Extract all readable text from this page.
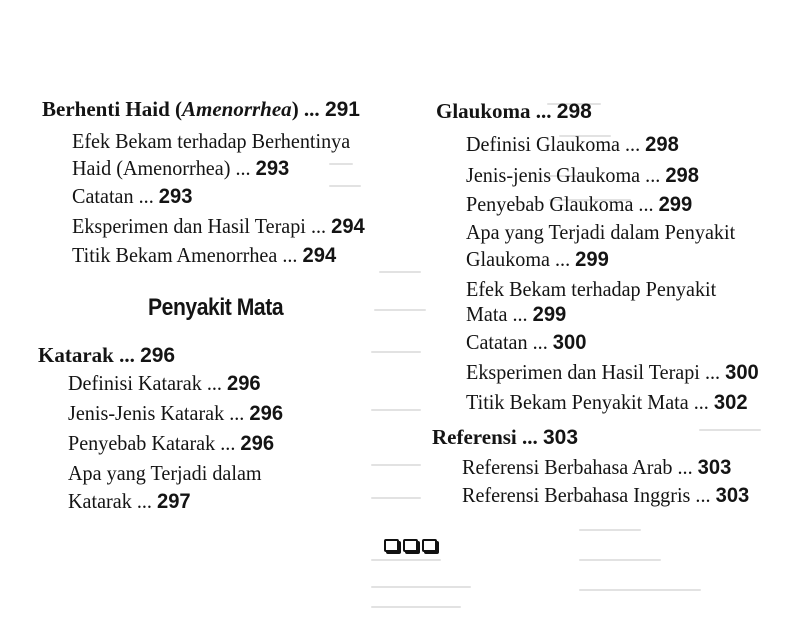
Berhenti Haid (Amenorrhea) ... 291
Efek Bekam terhadap Berhentinya
Haid (Amenorrhea) ... 293
Catatan ... 293
Eksperimen dan Hasil Terapi ... 294
Titik Bekam Amenorrhea ... 294
Katarak ... 296
Definisi Katarak ... 296
Jenis-Jenis Katarak ... 296
Penyebab Katarak ... 296
Apa yang Terjadi dalam
Katarak ... 297
Penyakit Mata
Glaukoma ... 298
Definisi Glaukoma ... 298
Jenis-jenis Glaukoma ... 298
Penyebab Glaukoma ... 299
Apa yang Terjadi dalam Penyakit
Glaukoma ... 299
Efek Bekam terhadap Penyakit
Mata ... 299
Catatan ... 300
Eksperimen dan Hasil Terapi ... 300
Titik Bekam Penyakit Mata ... 302
Referensi ... 303
Referensi Berbahasa Arab ... 303
Referensi Berbahasa Inggris ... 303
